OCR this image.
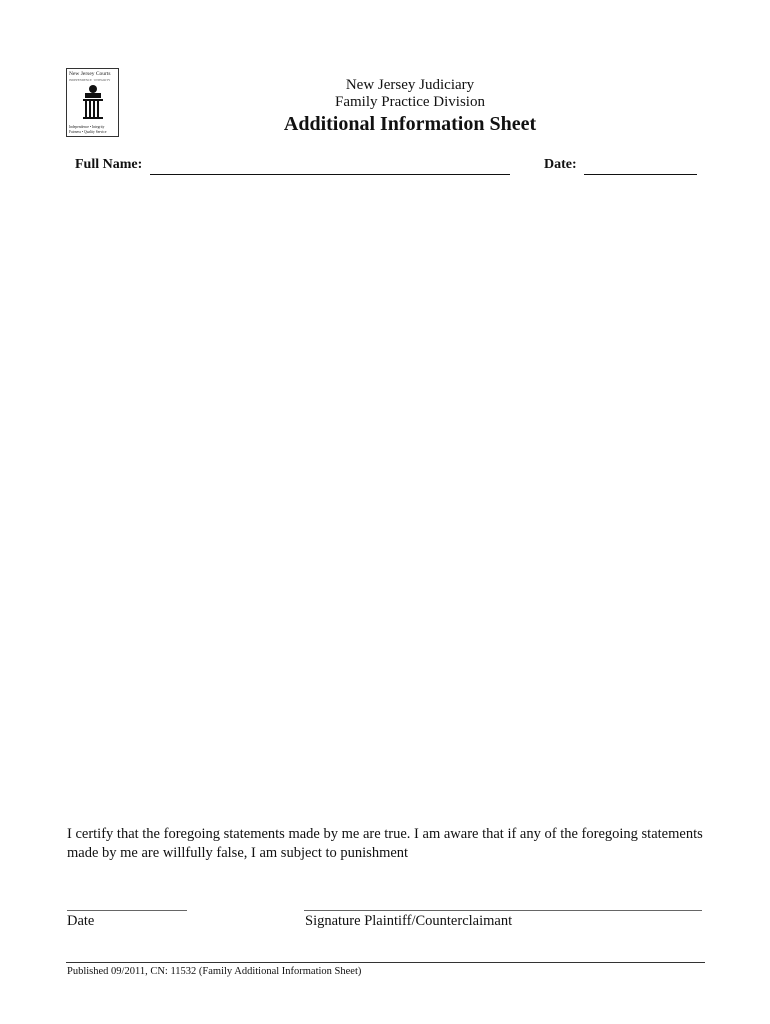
New Jersey Courts
INDEPENDENCE · INTEGRITY
Independence • Integrity
Fairness • Quality Service
New Jersey Judiciary
Family Practice Division
Additional Information Sheet
Full Name:	Date:
I certify that the foregoing statements made by me are true. I am aware that if any of the foregoing statements made by me are willfully false, I am subject to punishment
Date	Signature Plaintiff/Counterclaimant
Published 09/2011, CN: 11532 (Family Additional Information Sheet)
